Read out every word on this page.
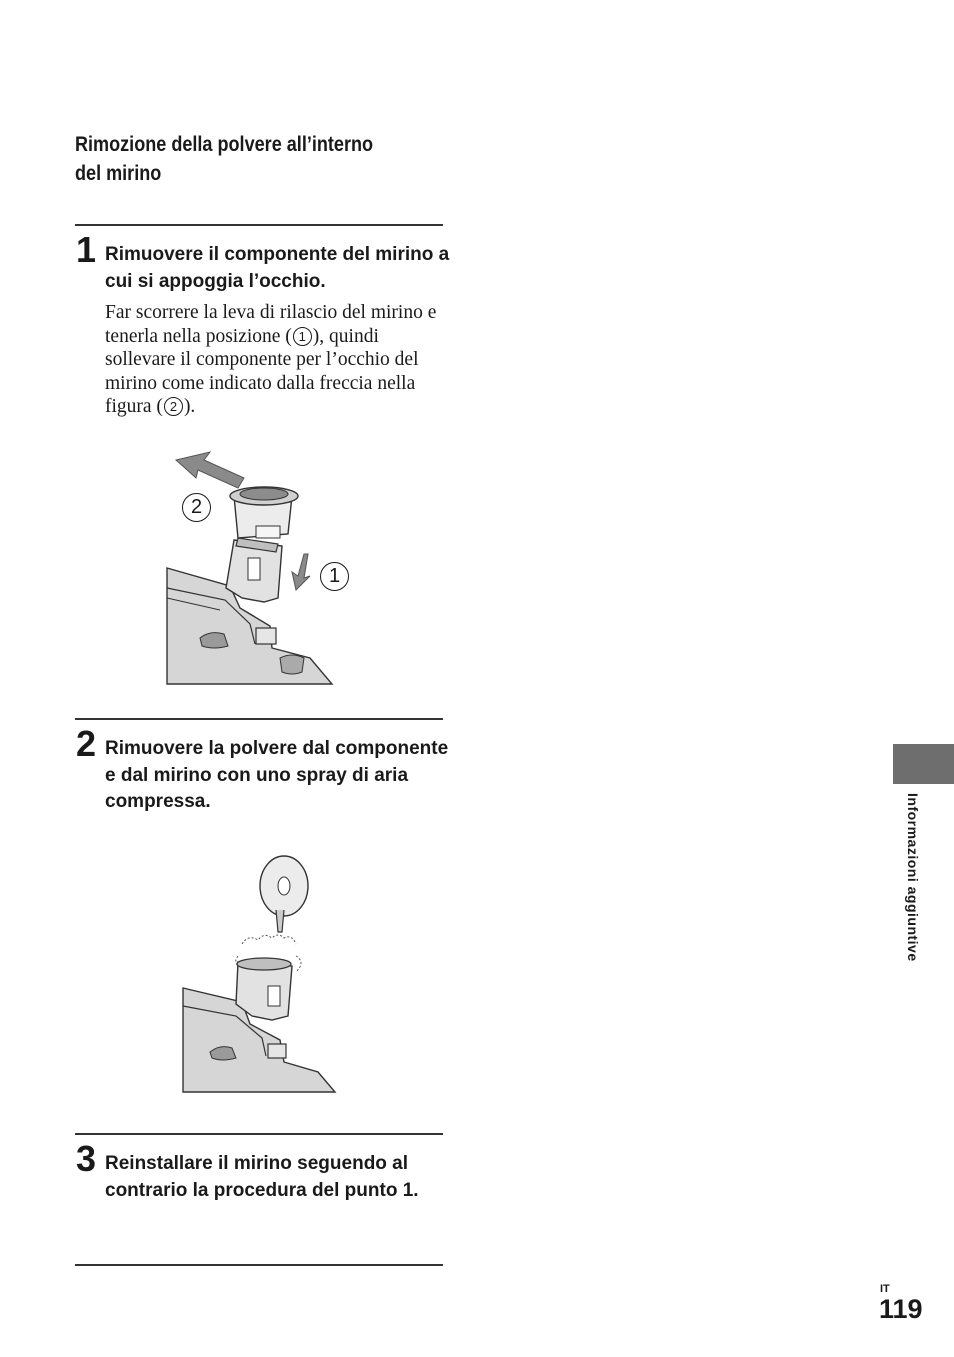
Rimozione della polvere all’interno del mirino
1 Rimuovere il componente del mirino a cui si appoggia l’occhio.
Far scorrere la leva di rilascio del mirino e tenerla nella posizione ( 1 ), quindi sollevare il componente per l’occhio del mirino come indicato dalla freccia nella figura ( 2 ).
2
1
2 Rimuovere la polvere dal componente e dal mirino con uno spray di aria compressa.
3 Reinstallare il mirino seguendo al contrario la procedura del punto 1.
Informazioni aggiuntive
IT
119
